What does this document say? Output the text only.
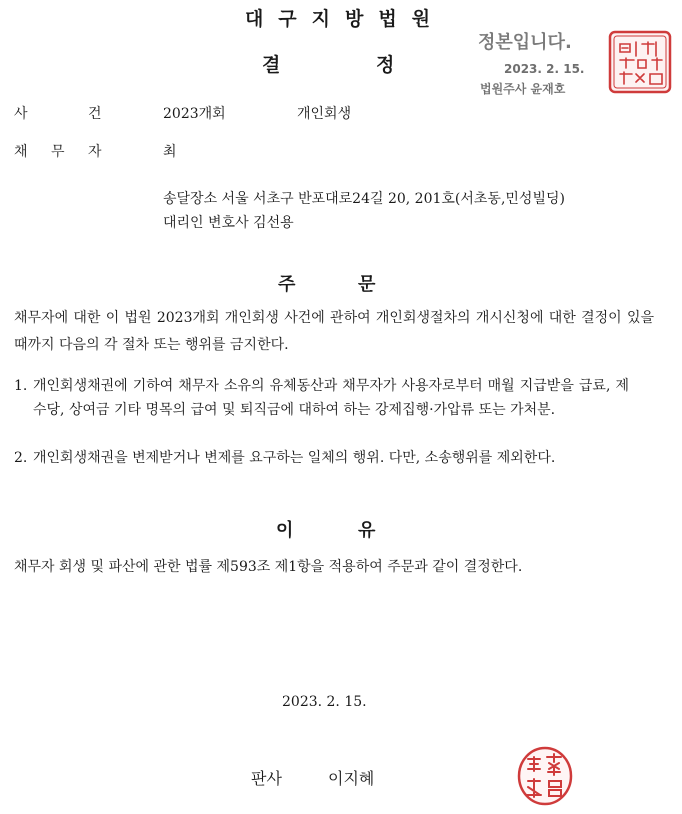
대구지방법원
결	정
정본입니다.
2023. 2. 15.
법원주사 윤재호
사	건	2023개회	개인회생
채 무 자	최
송달장소 서울 서초구 반포대로24길 20, 201호(서초동,민성빌딩)
대리인 변호사 김선용
주	문
채무자에 대한 이 법원 2023개회 개인회생 사건에 관하여 개인회생절차의 개시신청에 대한 결정이 있을 때까지 다음의 각 절차 또는 행위를 금지한다.
1. 개인회생채권에 기하여 채무자 소유의 유체동산과 채무자가 사용자로부터 매월 지급받을 급료, 제수당, 상여금 기타 명목의 급여 및 퇴직금에 대하여 하는 강제집행·가압류 또는 가처분.
2. 개인회생채권을 변제받거나 변제를 요구하는 일체의 행위. 다만, 소송행위를 제외한다.
이	유
채무자 회생 및 파산에 관한 법률 제593조 제1항을 적용하여 주문과 같이 결정한다.
2023. 2. 15.
판사	이지혜
